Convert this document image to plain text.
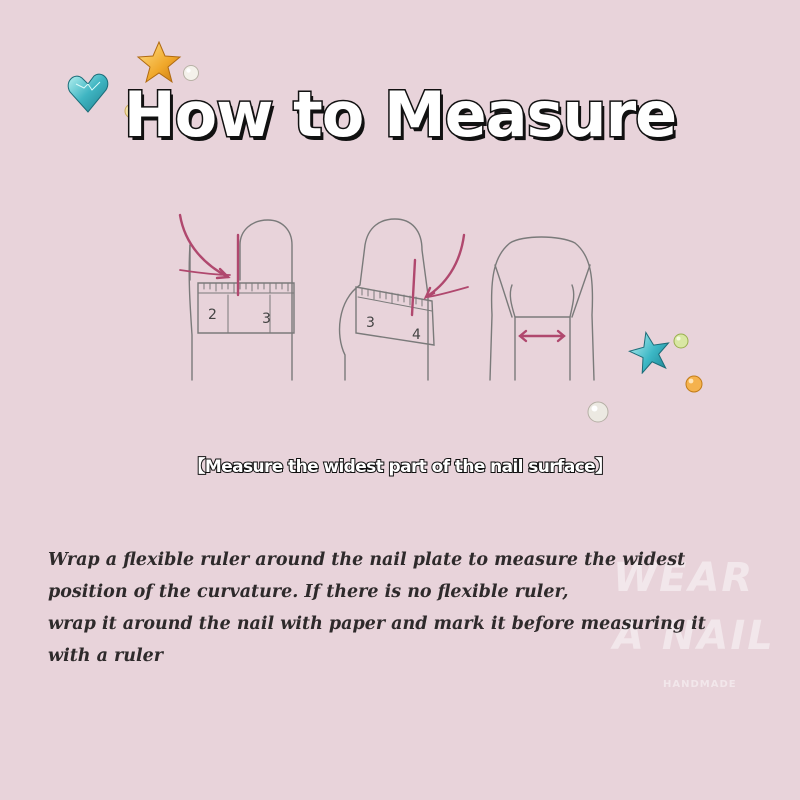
How to Measure
2	3	3
4
【Measure the widest part of the nail surface】
WEAR
A NAIL
HANDMADE

Wrap a flexible ruler around the nail plate to measure the widest
position of the curvature. If there is no flexible ruler,
wrap it around the nail with paper and mark it before measuring it
with a ruler
